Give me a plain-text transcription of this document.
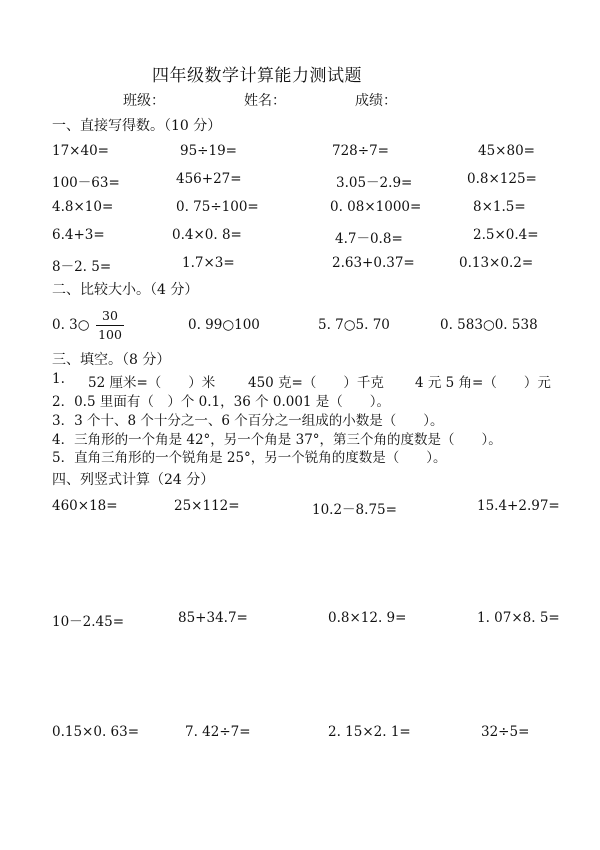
四年级数学计算能力测试题
班级：	姓名：	成绩：
一、直接写得数。（10 分）
17×40=	95÷19=	728÷7=	45×80=
100－63=	456+27=	3.05－2.9=	0.8×125=
4.8×10=	0. 75÷100=	0. 08×1000=	8×1.5=
6.4+3=	0.4×0. 8=	4.7－0.8=	2.5×0.4=
8－2. 5=	1.7×3=	2.63+0.37=	0.13×0.2=
二、比较大小。（4 分）
0. 3○
30
100
0. 99○100	5. 7○5. 70	0. 583○0. 538
三、填空。（8 分）
1. 52 厘米=（　　）米 450 克=（　　）千克 4 元 5 角=（　　）元
2．0.5 里面有（　）个 0.1，36 个 0.001 是（　　）。
3．3 个十、8 个十分之一、6 个百分之一组成的小数是（　　）。
4．三角形的一个角是 42°，另一个角是 37°，第三个角的度数是（　　）。
5．直角三角形的一个锐角是 25°，另一个锐角的度数是（　　）。
四、列竖式计算（24 分）
460×18=	25×112=	10.2－8.75=	15.4+2.97=
10－2.45=	85+34.7=	0.8×12. 9=	1. 07×8. 5=
0.15×0. 63=	7. 42÷7=	2. 15×2. 1=	32÷5=
